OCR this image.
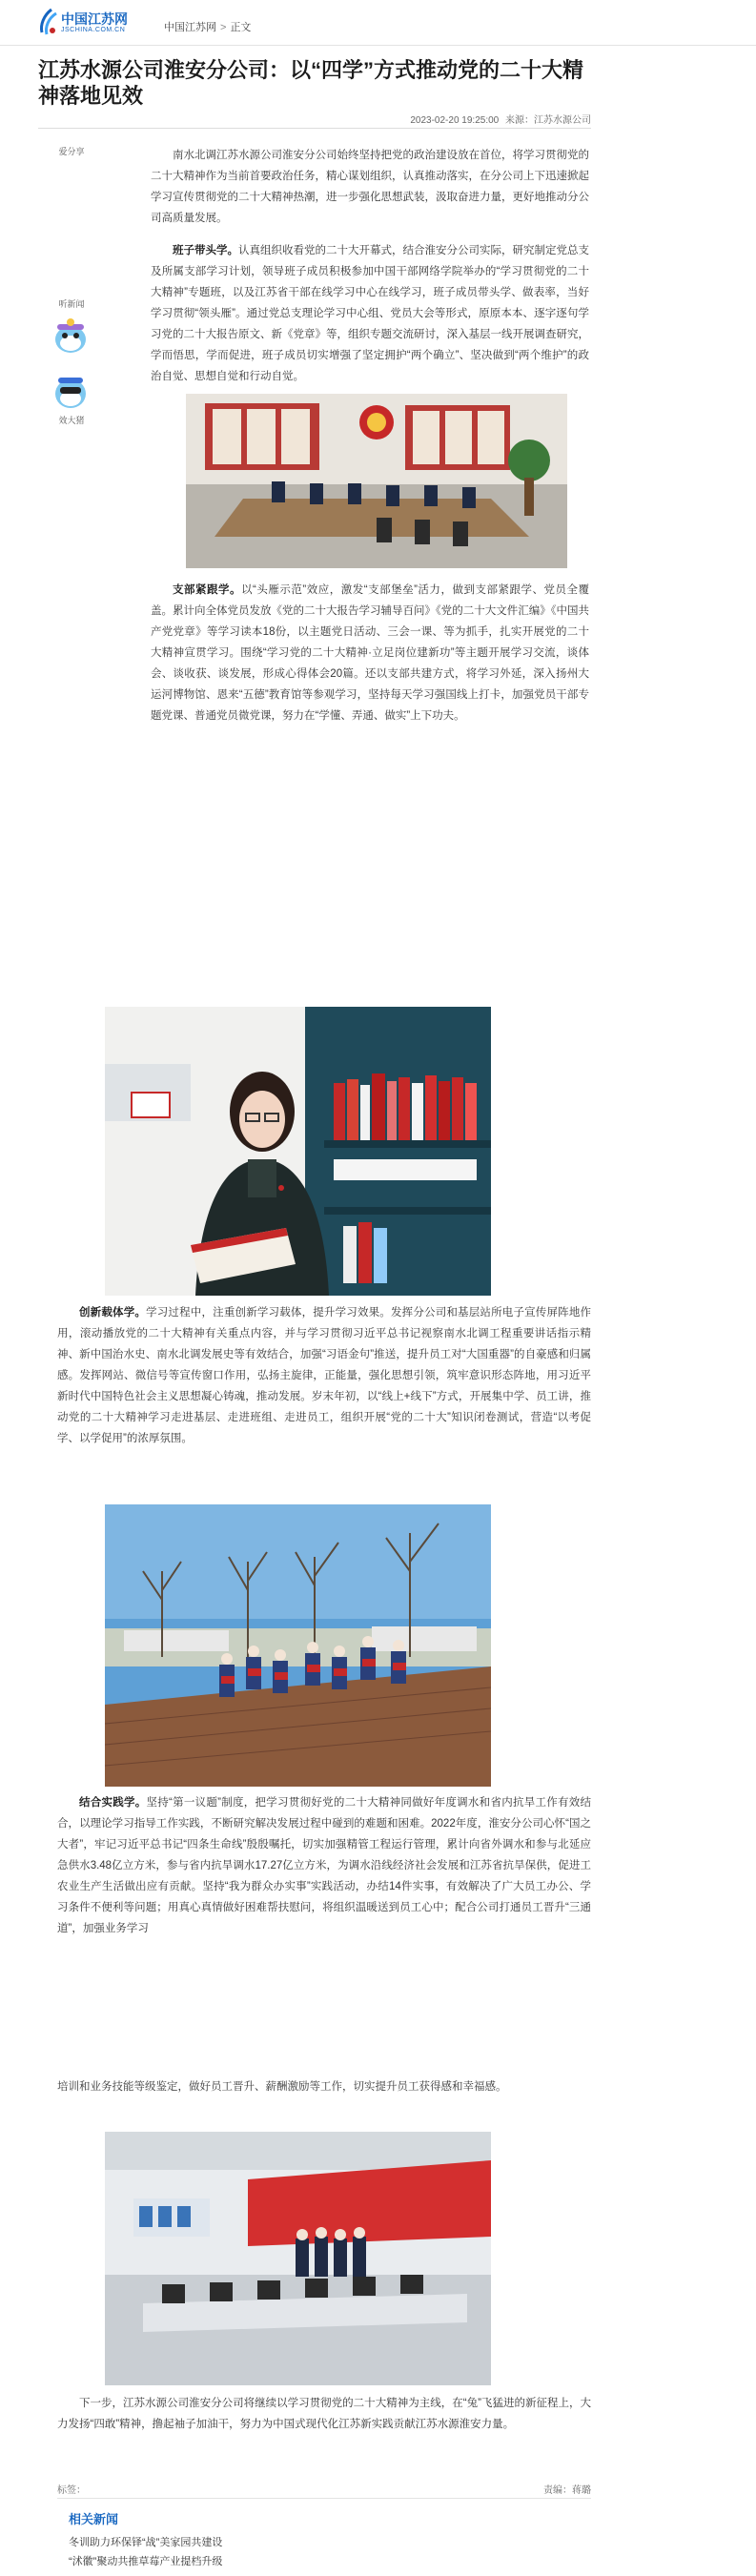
中国江苏网
JSCHINA.COM.CN	中国江苏网 > 正文
江苏水源公司淮安分公司：以“四学”方式推动党的二十大精神落地见效
2023-02-20 19:25:00 来源：江苏水源公司
爱分享
听新闻
效大猪

南水北调江苏水源公司淮安分公司始终坚持把党的政治建设放在首位，将学习贯彻党的二十大精神作为当前首要政治任务，精心谋划组织，认真推动落实，在分公司上下迅速掀起学习宣传贯彻党的二十大精神热潮，进一步强化思想武装，汲取奋进力量，更好地推动分公司高质量发展。

班子带头学。认真组织收看党的二十大开幕式，结合淮安分公司实际，研究制定党总支及所属支部学习计划，领导班子成员积极参加中国干部网络学院举办的“学习贯彻党的二十大精神”专题班，以及江苏省干部在线学习中心在线学习，班子成员带头学、做表率，当好学习贯彻“领头雁”。通过党总支理论学习中心组、党员大会等形式，原原本本、逐字逐句学习党的二十大报告原文、新《党章》等，组织专题交流研讨，深入基层一线开展调查研究，学而悟思，学而促进，班子成员切实增强了坚定拥护“两个确立”、坚决做到“两个维护”的政治自觉、思想自觉和行动自觉。

支部紧跟学。以“头雁示范”效应，激发“支部堡垒”活力，做到支部紧跟学、党员全覆盖。累计向全体党员发放《党的二十大报告学习辅导百问》《党的二十大文件汇编》《中国共产党党章》等学习读本18份，以主题党日活动、三会一课、等为抓手，扎实开展党的二十大精神宣贯学习。围绕“学习党的二十大精神·立足岗位建新功”等主题开展学习交流，谈体会、谈收获、谈发展，形成心得体会20篇。还以支部共建方式，将学习外延，深入扬州大运河博物馆、恩来“五德”教育馆等参观学习，坚持每天学习强国线上打卡，加强党员干部专题党课、普通党员微党课，努力在“学懂、弄通、做实”上下功夫。

创新载体学。学习过程中，注重创新学习载体，提升学习效果。发挥分公司和基层站所电子宣传屏阵地作用，滚动播放党的二十大精神有关重点内容，并与学习贯彻习近平总书记视察南水北调工程重要讲话指示精神、新中国治水史、南水北调发展史等有效结合，加强“习语金句”推送，提升员工对“大国重器”的自豪感和归属感。发挥网站、微信号等宣传窗口作用，弘扬主旋律，正能量，强化思想引领，筑牢意识形态阵地，用习近平新时代中国特色社会主义思想凝心铸魂，推动发展。岁末年初，以“线上+线下”方式，开展集中学、员工讲，推动党的二十大精神学习走进基层、走进班组、走进员工，组织开展“党的二十大”知识闭卷测试，营造“以考促学、以学促用”的浓厚氛围。

结合实践学。坚持“第一议题”制度，把学习贯彻好党的二十大精神同做好年度调水和省内抗旱工作有效结合，以理论学习指导工作实践，不断研究解决发展过程中碰到的难题和困难。2022年度，淮安分公司心怀“国之大者”，牢记习近平总书记“四条生命线”殷殷嘱托，切实加强精管工程运行管理，累计向省外调水和参与北延应急供水3.48亿立方米，参与省内抗旱调水17.27亿立方米，为调水沿线经济社会发展和江苏省抗旱保供，促进工农业生产生活做出应有贡献。坚持“我为群众办实事”实践活动，办结14件实事，有效解决了广大员工办公、学习条件不便利等问题；用真心真情做好困难帮扶慰问，将组织温暖送到员工心中；配合公司打通员工晋升“三通道”，加强业务学习

培训和业务技能等级鉴定，做好员工晋升、薪酬激励等工作，切实提升员工获得感和幸福感。

下一步，江苏水源公司淮安分公司将继续以学习贯彻党的二十大精神为主线，在“兔”飞猛进的新征程上，大力发扬“四敢”精神，撸起袖子加油干，努力为中国式现代化江苏新实践贡献江苏水源淮安力量。

标签：	责编：蒋璐
相关新闻
冬训助力环保铎“战”美家园共建设
“沭徽”聚动共推草莓产业提档升级
